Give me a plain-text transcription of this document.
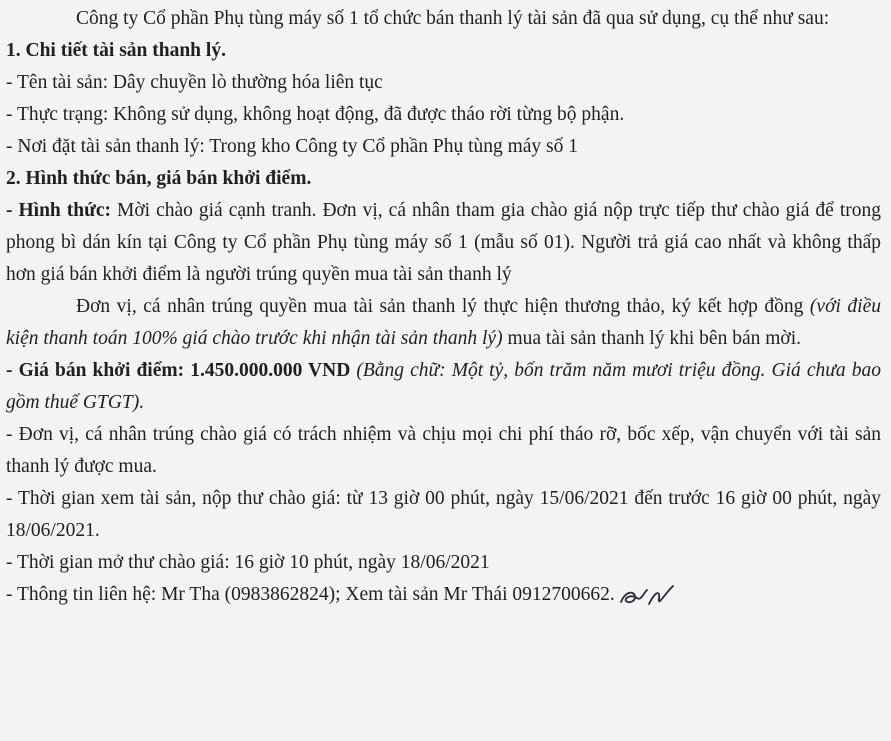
Công ty Cổ phần Phụ tùng máy số 1 tổ chức bán thanh lý tài sản đã qua sử dụng, cụ thể như sau:

1. Chi tiết tài sản thanh lý.

- Tên tài sản: Dây chuyền lò thường hóa liên tục

- Thực trạng: Không sử dụng, không hoạt động, đã được tháo rời từng bộ phận.

- Nơi đặt tài sản thanh lý: Trong kho Công ty Cổ phần Phụ tùng máy số 1

2. Hình thức bán, giá bán khởi điểm.

- Hình thức: Mời chào giá cạnh tranh. Đơn vị, cá nhân tham gia chào giá nộp trực tiếp thư chào giá để trong phong bì dán kín tại Công ty Cổ phần Phụ tùng máy số 1 (mẫu số 01). Người trả giá cao nhất và không thấp hơn giá bán khởi điểm là người trúng quyền mua tài sản thanh lý

Đơn vị, cá nhân trúng quyền mua tài sản thanh lý thực hiện thương thảo, ký kết hợp đồng (với điều kiện thanh toán 100% giá chào trước khi nhận tài sản thanh lý) mua tài sản thanh lý khi bên bán mời.

- Giá bán khởi điểm: 1.450.000.000 VND (Bằng chữ: Một tỷ, bốn trăm năm mươi triệu đồng. Giá chưa bao gồm thuế GTGT).

- Đơn vị, cá nhân trúng chào giá có trách nhiệm và chịu mọi chi phí tháo rỡ, bốc xếp, vận chuyển với tài sản thanh lý được mua.

- Thời gian xem tài sản, nộp thư chào giá: từ 13 giờ 00 phút, ngày 15/06/2021 đến trước 16 giờ 00 phút, ngày 18/06/2021.

- Thời gian mở thư chào giá: 16 giờ 10 phút, ngày 18/06/2021

- Thông tin liên hệ: Mr Tha (0983862824); Xem tài sản Mr Thái 0912700662.
